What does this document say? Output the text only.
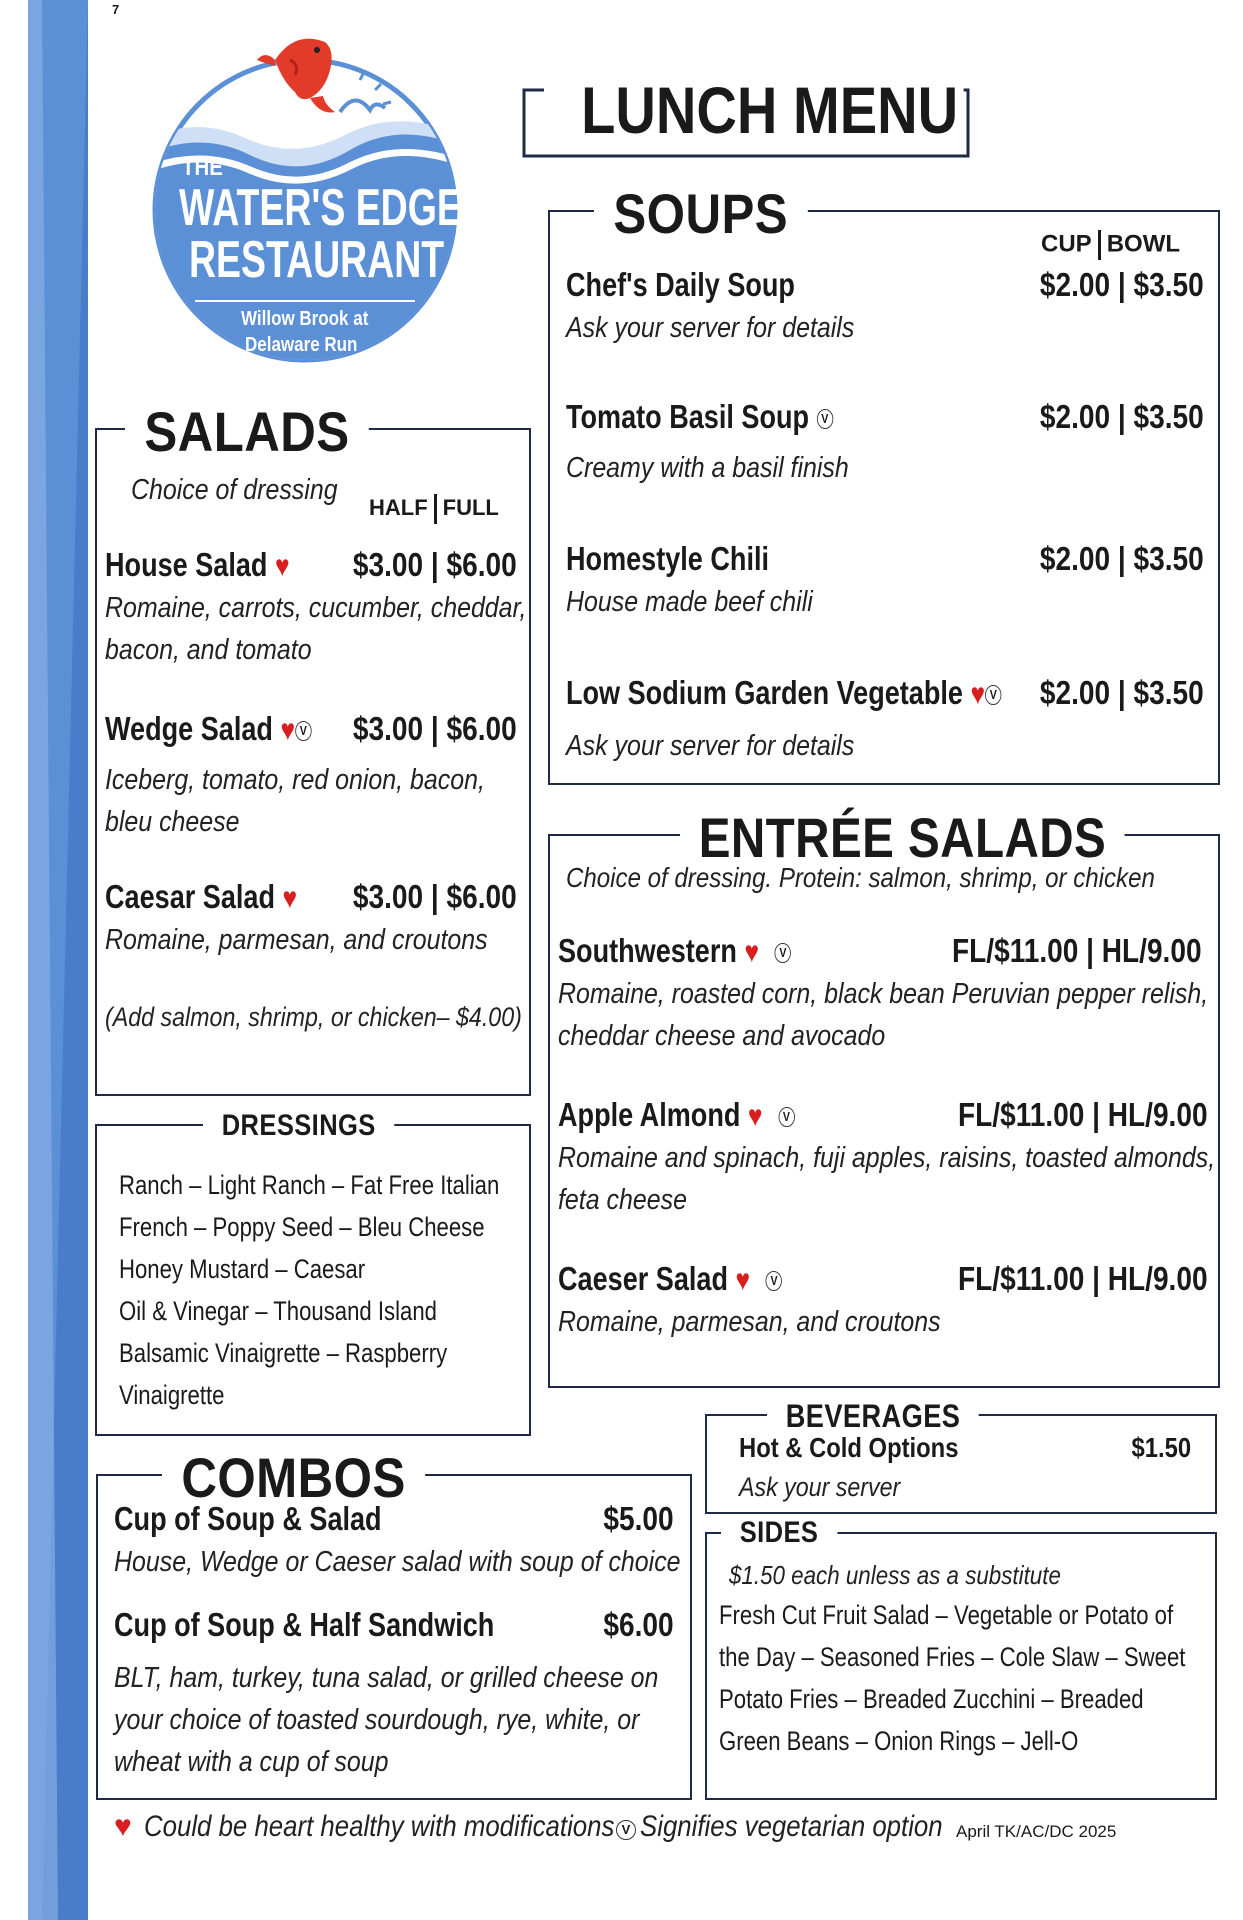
7
THE
WATER'S EDGE
RESTAURANT
Willow Brook at
Delaware Run
LUNCH MENU
SOUPS	CUP BOWL
Chef's Daily Soup	$2.00 | $3.50
Ask your server for details
Tomato Basil Soup V	$2.00 | $3.50
Creamy with a basil finish
Homestyle Chili	$2.00 | $3.50
House made beef chili
Low Sodium Garden Vegetable ♥ V $2.00 | $3.50
Ask your server for details
SALADS
Choice of dressing
HALF FULL
House Salad ♥ $3.00 | $6.00
Romaine, carrots, cucumber, cheddar,
bacon, and tomato
Wedge Salad ♥ V $3.00 | $6.00
Iceberg, tomato, red onion, bacon,
bleu cheese
Caesar Salad ♥ $3.00 | $6.00
Romaine, parmesan, and croutons
(Add salmon, shrimp, or chicken– $4.00)
DRESSINGS
Ranch – Light Ranch – Fat Free Italian
French – Poppy Seed – Bleu Cheese
Honey Mustard – Caesar
Oil & Vinegar – Thousand Island
Balsamic Vinaigrette – Raspberry
Vinaigrette
ENTRÉE SALADS
Choice of dressing. Protein: salmon, shrimp, or chicken
Southwestern ♥ V	FL/$11.00 | HL/9.00
Romaine, roasted corn, black bean Peruvian pepper relish,
cheddar cheese and avocado
Apple Almond ♥ V	FL/$11.00 | HL/9.00
Romaine and spinach, fuji apples, raisins, toasted almonds,
feta cheese
Caeser Salad ♥ V	FL/$11.00 | HL/9.00
Romaine, parmesan, and croutons
BEVERAGES
Hot & Cold Options	$1.50
Ask your server
SIDES
$1.50 each unless as a substitute
Fresh Cut Fruit Salad – Vegetable or Potato of
the Day – Seasoned Fries – Cole Slaw – Sweet
Potato Fries – Breaded Zucchini – Breaded
Green Beans – Onion Rings – Jell-O
COMBOS
Cup of Soup & Salad	$5.00
House, Wedge or Caeser salad with soup of choice
Cup of Soup & Half Sandwich	$6.00
BLT, ham, turkey, tuna salad, or grilled cheese on
your choice of toasted sourdough, rye, white, or
wheat with a cup of soup
♥ Could be heart healthy with modifications V Signifies vegetarian option April TK/AC/DC 2025
